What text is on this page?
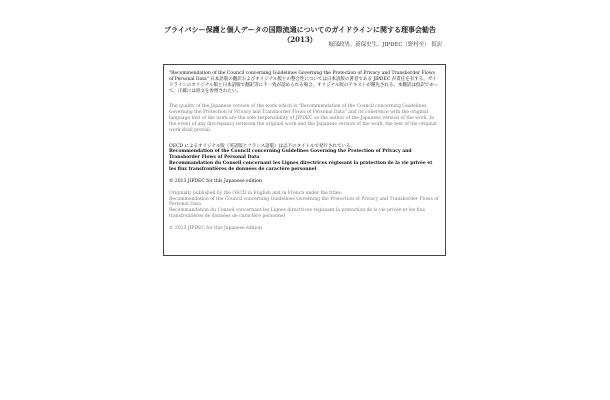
プライバシー保護と個人データの国際流通についてのガイドラインに関する理事会勧告（2013）
堀部政男、新保史生、JIPDEC（野村至） 仮訳

"Recommendation of the Council concerning Guidelines Governing the Protection of Privacy and Transborder Flows of Personal Data" 日本語版の翻訳およびオリジナル版との整合性については日本語版の著者である JIPDEC が責任を有する。ガイドラインのオリジナル版と日本語版で翻訳等に不一致が認められる場合、オリジナル版のテキストが優先される。本翻訳は仮訳であって、正確には原文を参照されたい。

The quality of the Japanese version of the work which is "Recommendation of the Council concerning Guidelines Governing the Protection of Privacy and Transborder Flows of Personal Data" and its coherence with the original language text of the work are the sole responsibility of JIPDEC as the author of the Japanese version of the work. In the event of any discrepancy between the original work and the Japanese version of the work, the text of the original work shall prevail.

OECD によるオリジナル版（英語版とフランス語版）は以下のタイトルで発行されている。
Recommendation of the Council concerning Guidelines Governing the Protection of Privacy and Transborder Flows of Personal Data
Recommandation du Conseil concernant les Lignes directrices régissant la protection de la vie privée et les flux transfrontières de données de caractère personnel

© 2013 JIPDEC for this Japanese edition

Originally published by the OECD in English and in French under the titles:
Recommendation of the Council concerning Guidelines Governing the Protection of Privacy and Transborder Flows of Personal Data
Recommandation du Conseil concernant les Lignes directrices régissant la protection de la vie privée et les flux transfrontières de données de caractère personnel

© 2013 JIPDEC for this Japanese edition
